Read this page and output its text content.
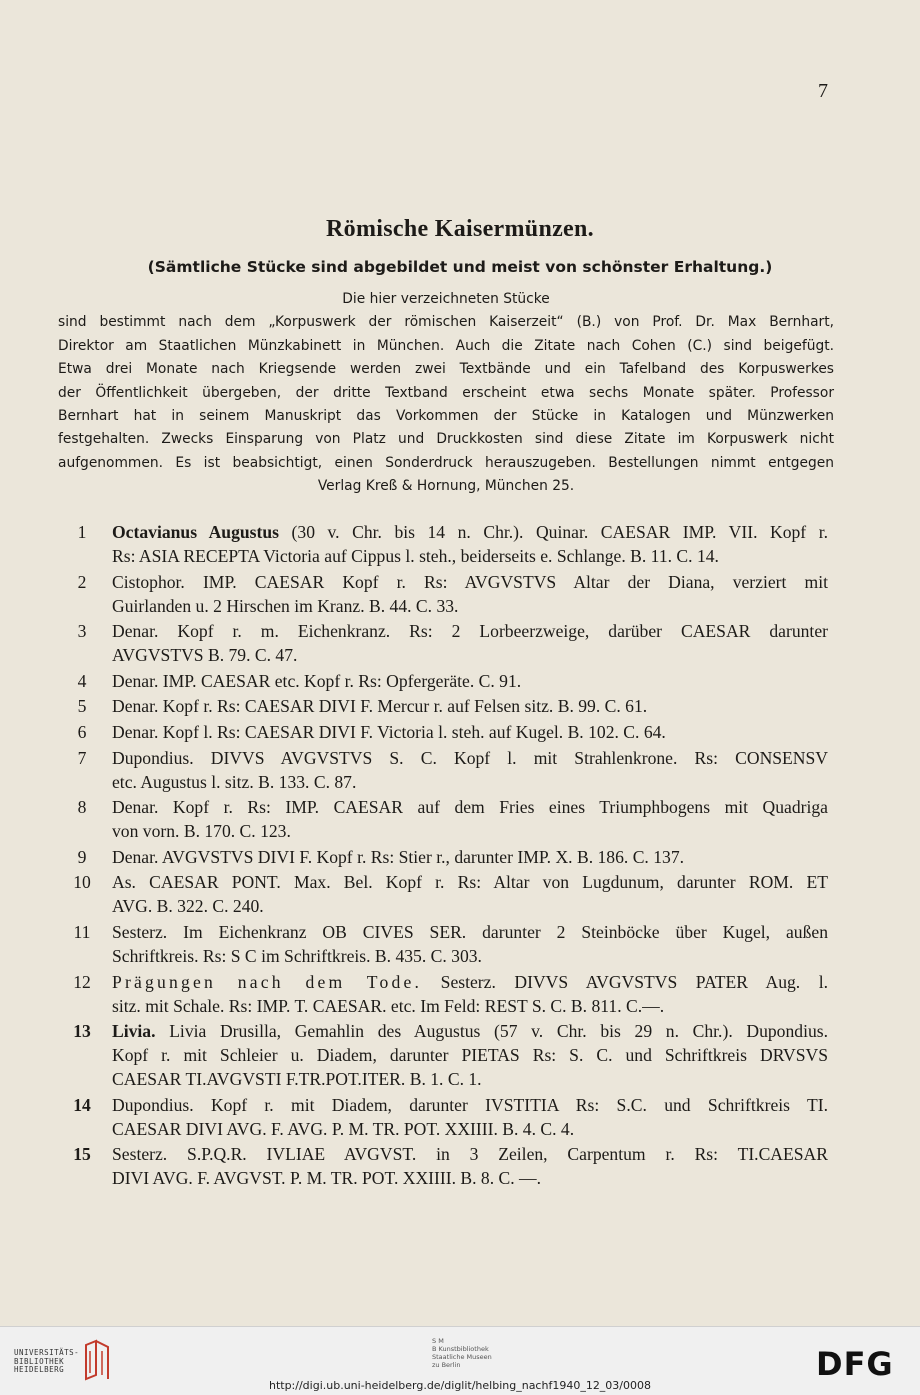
7
Römische Kaisermünzen.
(Sämtliche Stücke sind abgebildet und meist von schönster Erhaltung.)
Die hier verzeichneten Stücke
sind bestimmt nach dem „Korpuswerk der römischen Kaiserzeit“ (B.) von Prof. Dr. Max Bernhart,
Direktor am Staatlichen Münzkabinett in München. Auch die Zitate nach Cohen (C.) sind beigefügt.
Etwa drei Monate nach Kriegsende werden zwei Textbände und ein Tafelband des Korpuswerkes
der Öffentlichkeit übergeben, der dritte Textband erscheint etwa sechs Monate später. Professor
Bernhart hat in seinem Manuskript das Vorkommen der Stücke in Katalogen und Münzwerken
festgehalten. Zwecks Einsparung von Platz und Druckkosten sind diese Zitate im Korpuswerk nicht
aufgenommen. Es ist beabsichtigt, einen Sonderdruck herauszugeben. Bestellungen nimmt entgegen
Verlag Kreß & Hornung, München 25.
1	Octavianus Augustus (30 v. Chr. bis 14 n. Chr.). Quinar. CAESAR IMP. VII. Kopf r.
Rs: ASIA RECEPTA Victoria auf Cippus l. steh., beiderseits e. Schlange. B. 11. C. 14.
2	Cistophor. IMP. CAESAR Kopf r. Rs: AVGVSTVS Altar der Diana, verziert mit
Guirlanden u. 2 Hirschen im Kranz. B. 44. C. 33.
3	Denar. Kopf r. m. Eichenkranz. Rs: 2 Lorbeerzweige, darüber CAESAR darunter
AVGVSTVS B. 79. C. 47.
4	Denar. IMP. CAESAR etc. Kopf r. Rs: Opfergeräte. C. 91.
5	Denar. Kopf r. Rs: CAESAR DIVI F. Mercur r. auf Felsen sitz. B. 99. C. 61.
6	Denar. Kopf l. Rs: CAESAR DIVI F. Victoria l. steh. auf Kugel. B. 102. C. 64.
7	Dupondius. DIVVS AVGVSTVS S. C. Kopf l. mit Strahlenkrone. Rs: CONSENSV
etc. Augustus l. sitz. B. 133. C. 87.
8	Denar. Kopf r. Rs: IMP. CAESAR auf dem Fries eines Triumphbogens mit Quadriga
von vorn. B. 170. C. 123.
9	Denar. AVGVSTVS DIVI F. Kopf r. Rs: Stier r., darunter IMP. X. B. 186. C. 137.
10	As. CAESAR PONT. Max. Bel. Kopf r. Rs: Altar von Lugdunum, darunter ROM. ET
AVG. B. 322. C. 240.
11	Sesterz. Im Eichenkranz OB CIVES SER. darunter 2 Steinböcke über Kugel, außen
Schriftkreis. Rs: S C im Schriftkreis. B. 435. C. 303.
12	Prägungen nach dem Tode. Sesterz. DIVVS AVGVSTVS PATER Aug. l.
sitz. mit Schale. Rs: IMP. T. CAESAR. etc. Im Feld: REST S. C. B. 811. C.—.
13	Livia. Livia Drusilla, Gemahlin des Augustus (57 v. Chr. bis 29 n. Chr.). Dupondius.
Kopf r. mit Schleier u. Diadem, darunter PIETAS Rs: S. C. und Schriftkreis DRVSVS
CAESAR TI.AVGVSTI F.TR.POT.ITER. B. 1. C. 1.
14	Dupondius. Kopf r. mit Diadem, darunter IVSTITIA Rs: S.C. und Schriftkreis TI.
CAESAR DIVI AVG. F. AVG. P. M. TR. POT. XXIIII. B. 4. C. 4.
15	Sesterz. S.P.Q.R. IVLIAE AVGVST. in 3 Zeilen, Carpentum r. Rs: TI.CAESAR
DIVI AVG. F. AVGVST. P. M. TR. POT. XXIIII. B. 8. C. —.
UNIVERSITÄTS-
BIBLIOTHEK
HEIDELBERG
S M
B Kunstbibliothek
Staatliche Museen
zu Berlin	DFG
http://digi.ub.uni-heidelberg.de/diglit/helbing_nachf1940_12_03/0008
